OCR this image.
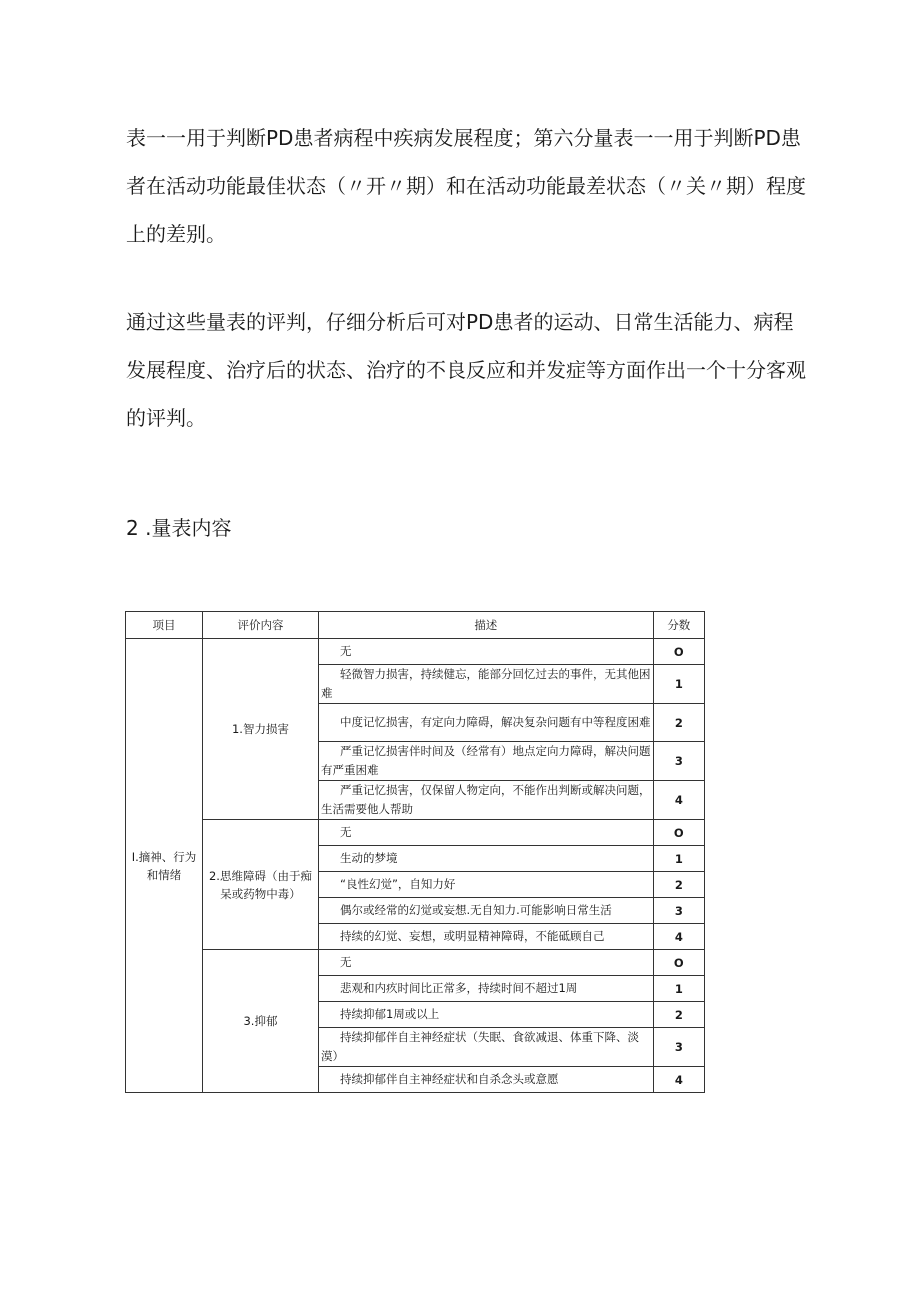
表一一用于判断PD患者病程中疾病发展程度；第六分量表一一用于判断PD患者在活动功能最佳状态（〃开〃期）和在活动功能最差状态（〃关〃期）程度上的差别。

通过这些量表的评判，仔细分析后可对PD患者的运动、日常生活能力、病程发展程度、治疗后的状态、治疗的不良反应和并发症等方面作出一个十分客观的评判。

2 .量表内容

项目	评价内容	描述	分数
I.摘神、行为和情绪	1.智力损害	无	O

		轻微智力损害，持续健忘，能部分回忆过去的事件，无其他困难	1

		中度记忆损害，有定向力障碍，解决复杂问题有中等程度困难	2

		严重记忆损害伴时间及（经常有）地点定向力障碍，解决问题有严重困难	3

		严重记忆损害，仅保留人物定向，不能作出判断或解决问题，生活需要他人帮助	4
	2.思维障碍（由于痴呆或药物中毒）	无	O

		生动的梦境	1

		“良性幻觉”，自知力好	2

		偶尔或经常的幻觉或妄想.无自知力.可能影响日常生活	3

		持续的幻觉、妄想，或明显精神障碍，不能砥顾自己	4
	3.抑郁	无	O

		悲观和内疚时间比正常多，持续时间不超过1周	1

		持续抑郁1周或以上	2

		持续抑郁伴自主神经症状（失眠、食欲减退、体重下降、淡漠）	3

		持续抑郁伴自主神经症状和自杀念头或意愿	4
